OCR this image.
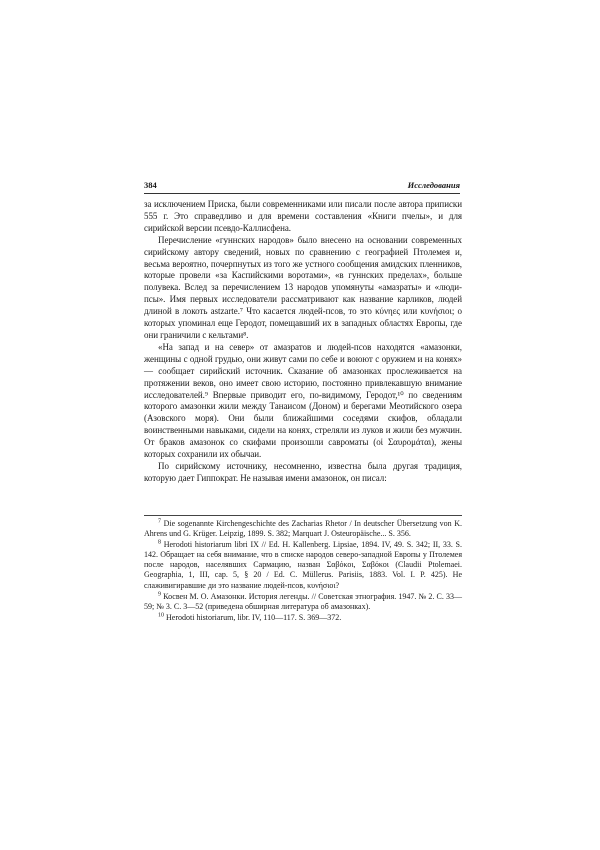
384	Исследования

за исключением Приска, были современниками или писали после автора приписки 555 г. Это справедливо и для времени составления «Книги пчелы», и для сирийской версии псевдо-Каллисфена.

Перечисление «гуннских народов» было внесено на основании современных сирийскому автору сведений, новых по сравнению с географией Птолемея и, весьма вероятно, почерпнутых из того же устного сообщения амидских пленников, которые провели «за Каспийскими воротами», «в гуннских пределах», больше полувека. Вслед за перечислением 13 народов упомянуты «амазраты» и «люди-псы». Имя первых исследователи рассматривают как название карликов, людей длиной в локоть astzarte.⁷ Что касается людей-псов, то это κύνηες или κυνήσιοι; о которых упоминал еще Геродот, помещавший их в западных областях Европы, где они граничили с кельтами⁸.

«На запад и на север» от амазратов и людей-псов находятся «амазонки, женщины с одной грудью, они живут сами по себе и воюют с оружием и на конях» — сообщает сирийский источник. Сказание об амазонках прослеживается на протяжении веков, оно имеет свою историю, постоянно привлекавшую внимание исследователей.⁹ Впервые приводит его, по-видимому, Геродот,¹⁰ по сведениям которого амазонки жили между Танаисом (Доном) и берегами Меотийского озера (Азовского моря). Они были ближайшими соседями скифов, обладали воинственными навыками, сидели на конях, стреляли из луков и жили без мужчин. От браков амазонок со скифами произошли савроматы (οἱ Σαυρομάται), жены которых сохранили их обычаи.

По сирийскому источнику, несомненно, известна была другая традиция, которую дает Гиппократ. Не называя имени амазонок, он писал:

$^7$ Die sogenannte Kirchengeschichte des Zacharias Rhetor / In deutscher Übersetzung von K. Ahrens und G. Krüger. Leipzig, 1899. S. 382; Marquart J. Osteuropäische... S. 356.

$^8$ Herodoti historiarum libri IX // Ed. H. Kallenberg. Lipsiae, 1894. IV, 49. S. 342; II, 33. S. 142. Обращает на себя внимание, что в списке народов северо-западной Европы у Птолемея после народов, населявших Сармацию, назван Σαβόκοι, Σαβόκοι (Claudii Ptolemaei. Geographia, 1, III, cap. 5, § 20 / Ed. C. Müllerus. Parisiis, 1883. Vol. I. P. 425). Не слаживигиравшие ди это название людей-псов, κυνήσιοι?

$^9$ Косвен М. О. Амазонки. История легенды. // Советская этнография. 1947. № 2. С. 33—59; № 3. С. 3—52 (приведена обширная литература об амазонках).

$^{10}$ Herodoti historiarum, libr. IV, 110—117. S. 369—372.
